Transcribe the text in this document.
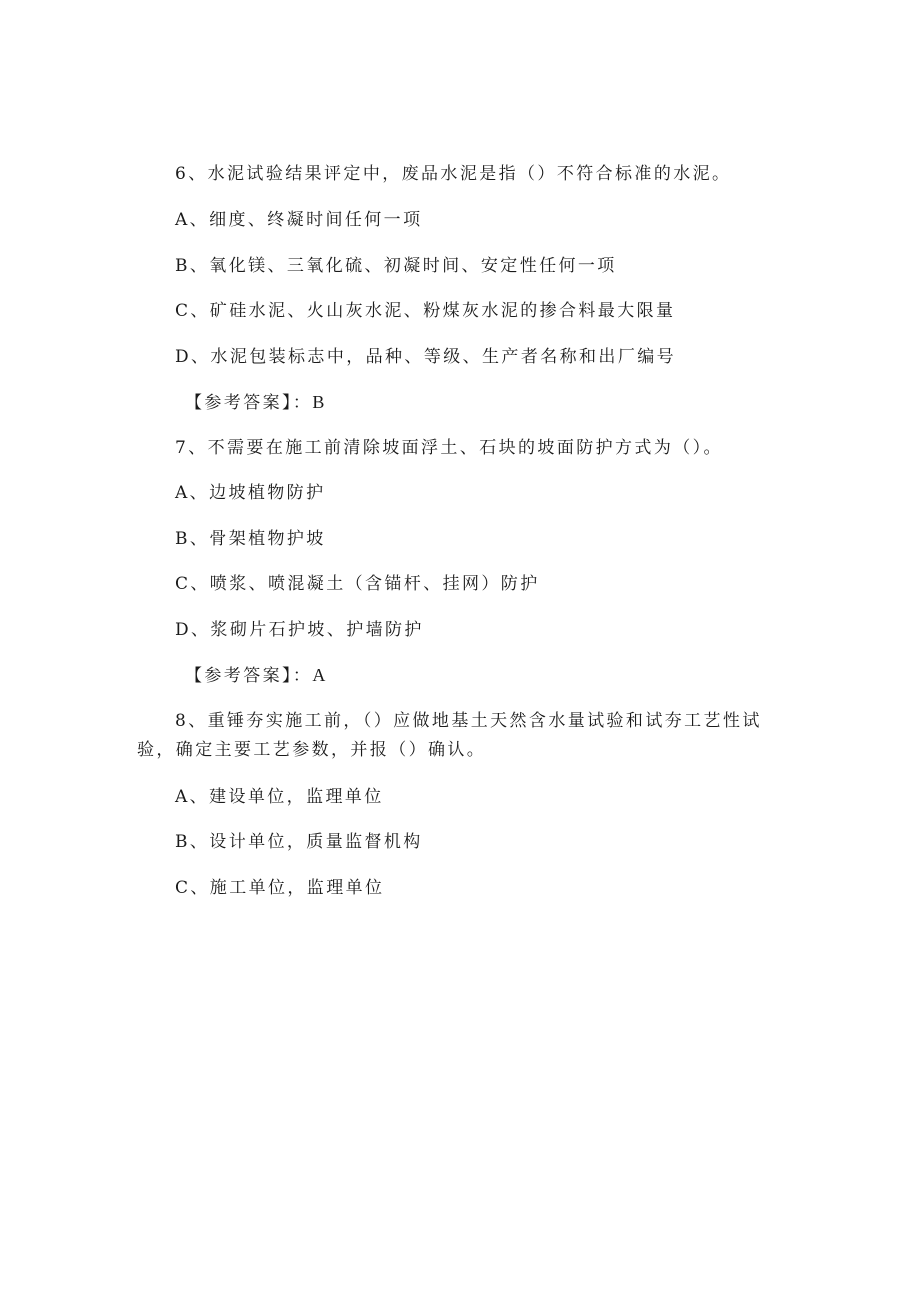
6、水泥试验结果评定中，废品水泥是指（）不符合标准的水泥。
A、细度、终凝时间任何一项
B、氧化镁、三氧化硫、初凝时间、安定性任何一项
C、矿硅水泥、火山灰水泥、粉煤灰水泥的掺合料最大限量
D、水泥包装标志中，品种、等级、生产者名称和出厂编号
【参考答案】：B
7、不需要在施工前清除坡面浮土、石块的坡面防护方式为（）。
A、边坡植物防护
B、骨架植物护坡
C、喷浆、喷混凝土（含锚杆、挂网）防护
D、浆砌片石护坡、护墙防护
【参考答案】：A
8、重锤夯实施工前，（）应做地基土天然含水量试验和试夯工艺性试验，确定主要工艺参数，并报（）确认。
A、建设单位，监理单位
B、设计单位，质量监督机构
C、施工单位，监理单位
